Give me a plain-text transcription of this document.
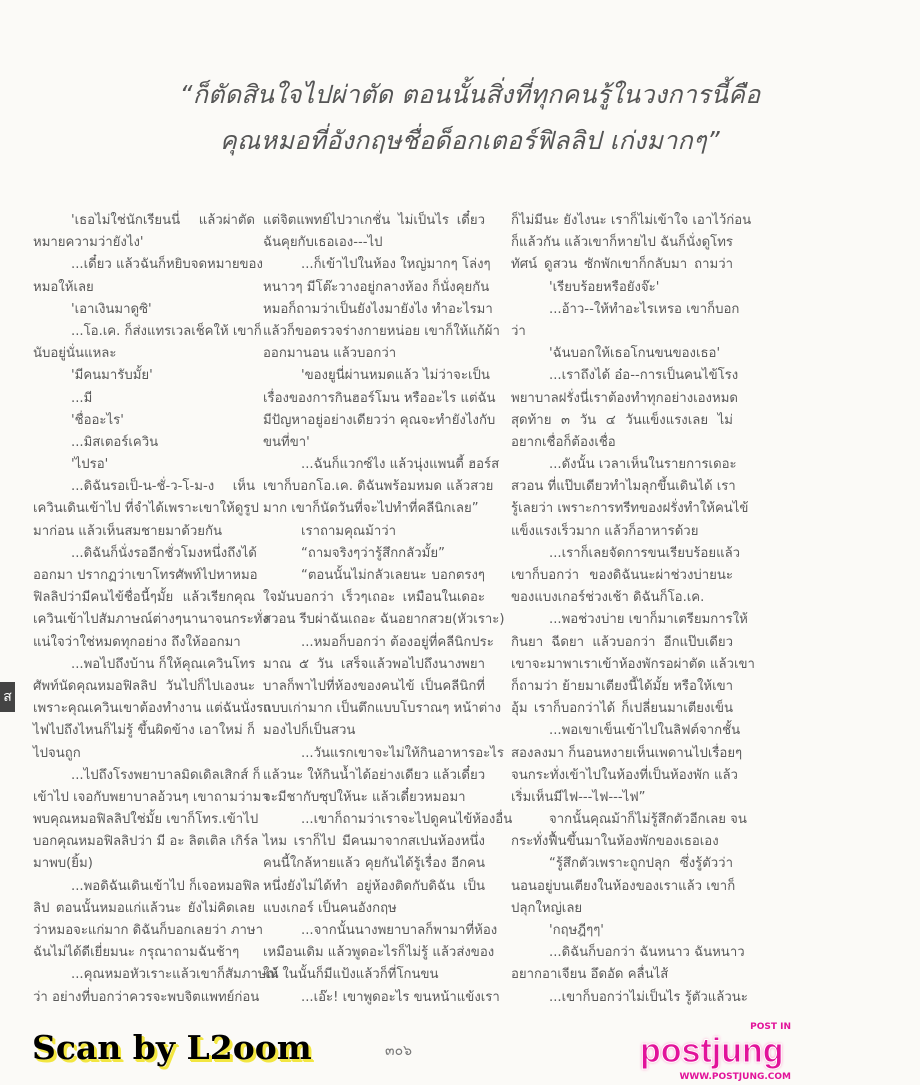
“ก็ตัดสินใจไปผ่าตัด ตอนนั้นสิ่งที่ทุกคนรู้ในวงการนี้คือ
คุณหมอที่อังกฤษชื่อด็อกเตอร์ฟิลลิป เก่งมากๆ”
'เธอไม่ใช่นักเรียนนี่ แล้วผ่าตัด
หมายความว่ายังไง'
...เดี๋ยว แล้วฉันก็หยิบจดหมายของ
หมอให้เลย
'เอาเงินมาดูซิ'
...โอ.เค. ก็ส่งแทรเวลเช็คให้ เขาก็
นับอยู่นั่นแหละ
'มีคนมารับมั้ย'
...มี
'ชื่ออะไร'
...มิสเตอร์เควิน
'ไปรอ'
...ดิฉันรอเป็-น-ชั่-ว-โ-ม-ง เห็น
เควินเดินเข้าไป ที่จำได้เพราะเขาให้ดูรูป
มาก่อน แล้วเห็นสมชายมาด้วยกัน
...ดิฉันก็นั่งรออีกชั่วโมงหนึ่งถึงได้
ออกมา ปรากฏว่าเขาโทรศัพท์ไปหาหมอ
ฟิลลิปว่ามีคนไข้ชื่อนี้ๆมั้ย แล้วเรียกคุณ
เควินเข้าไปสัมภาษณ์ต่างๆนานาจนกระทั่ง
แน่ใจว่าใช่หมดทุกอย่าง ถึงให้ออกมา
...พอไปถึงบ้าน ก็ให้คุณเควินโทร
ศัพท์นัดคุณหมอฟิลลิป วันไปก็ไปเองนะ
เพราะคุณเควินเขาต้องทำงาน แต่ฉันนั่งรถ
ไฟไปถึงไหนก็ไม่รู้ ขึ้นผิดข้าง เอาใหม่ ก็
ไปจนถูก
...ไปถึงโรงพยาบาลมิดเดิลเสิกส์ ก็
เข้าไป เจอกับพยาบาลอ้วนๆ เขาถามว่ามา
พบคุณหมอฟิลลิปใช่มั้ย เขาก็โทร.เข้าไป
บอกคุณหมอฟิลลิปว่า มี อะ ลิตเติล เกิร์ล
มาพบ(ยิ้ม)
...พอดิฉันเดินเข้าไป ก็เจอหมอฟิล
ลิป ตอนนั้นหมอแก่แล้วนะ ยังไม่คิดเลย
ว่าหมอจะแก่มาก ดิฉันก็บอกเลยว่า ภาษา
ฉันไม่ได้ดีเยี่ยมนะ กรุณาถามฉันช้าๆ
...คุณหมอหัวเราะแล้วเขาก็สัมภาษณ์
ว่า อย่างที่บอกว่าควรจะพบจิตแพทย์ก่อน
แต่จิตแพทย์ไปวาเกชั่น ไม่เป็นไร เดี๋ยว
ฉันคุยกับเธอเอง---ไป
...ก็เข้าไปในห้อง ใหญ่มากๆ โล่งๆ
หนาวๆ มีโต๊ะวางอยู่กลางห้อง ก็นั่งคุยกัน
หมอก็ถามว่าเป็นยังไงมายังไง ทำอะไรมา
แล้วก็ขอตรวจร่างกายหน่อย เขาก็ให้แก้ผ้า
ออกมานอน แล้วบอกว่า
'ของยูนี่ผ่านหมดแล้ว ไม่ว่าจะเป็น
เรื่องของการกินฮอร์โมน หรืออะไร แต่ฉัน
มีปัญหาอยู่อย่างเดียวว่า คุณจะทำยังไงกับ
ขนที่ขา'
...ฉันก็แวกซ์ไง แล้วนุ่งแพนตี้ ฮอร์ส
เขาก็บอกโอ.เค. ดิฉันพร้อมหมด แล้วสวย
มาก เขาก็นัดวันที่จะไปทำที่คลีนิกเลย”
เราถามคุณม้าว่า
“ถามจริงๆว่ารู้สึกกลัวมั้ย”
“ตอนนั้นไม่กลัวเลยนะ บอกตรงๆ
ใจมันบอกว่า เร็วๆเถอะ เหมือนในเดอะ
สวอน รีบผ่าฉันเถอะ ฉันอยากสวย(หัวเราะ)
...หมอก็บอกว่า ต้องอยู่ที่คลีนิกประ
มาณ ๕ วัน เสร็จแล้วพอไปถึงนางพยา
บาลก็พาไปที่ห้องของคนไข้ เป็นคลีนิกที่
แบบเก่ามาก เป็นตึกแบบโบราณๆ หน้าต่าง
มองไปก็เป็นสวน
...วันแรกเขาจะไม่ให้กินอาหารอะไร
แล้วนะ ให้กินน้ำได้อย่างเดียว แล้วเดี๋ยว
จะมีชากับซุปให้นะ แล้วเดี๋ยวหมอมา
...เขาก็ถามว่าเราจะไปดูคนไข้ห้องอื่น
ไหม เราก็ไป มีคนมาจากสเปนห้องหนึ่ง
คนนี้ใกล้หายแล้ว คุยกันได้รู้เรื่อง อีกคน
หนึ่งยังไม่ได้ทำ อยู่ห้องติดกับดิฉัน เป็น
แบงเกอร์ เป็นคนอังกฤษ
...จากนั้นนางพยาบาลก็พามาที่ห้อง
เหมือนเดิม แล้วพูดอะไรก็ไม่รู้ แล้วส่งของ
ให้ ในนั้นก็มีแป้งแล้วก็ที่โกนขน
...เอ๊ะ! เขาพูดอะไร ขนหน้าแข้งเรา
ก็ไม่มีนะ ยังไงนะ เราก็ไม่เข้าใจ เอาไว้ก่อน
ก็แล้วกัน แล้วเขาก็หายไป ฉันก็นั่งดูโทร
ทัศน์ ดูสวน ซักพักเขาก็กลับมา ถามว่า
'เรียบร้อยหรือยังจ๊ะ'
...อ้าว--ให้ทำอะไรเหรอ เขาก็บอก
ว่า
'ฉันบอกให้เธอโกนขนของเธอ'
...เราถึงได้ อ๋อ--การเป็นคนไข้โรง
พยาบาลฝรั่งนี่เราต้องทำทุกอย่างเองหมด
สุดท้าย ๓ วัน ๔ วันแข็งแรงเลย ไม่
อยากเชื่อก็ต้องเชื่อ
...ดังนั้น เวลาเห็นในรายการเดอะ
สวอน ที่แป๊บเดียวทำไมลุกขึ้นเดินได้ เรา
รู้เลยว่า เพราะการทรีทของฝรั่งทำให้คนไข้
แข็งแรงเร็วมาก แล้วก็อาหารด้วย
...เราก็เลยจัดการขนเรียบร้อยแล้ว
เขาก็บอกว่า ของดิฉันนะผ่าช่วงบ่ายนะ
ของแบงเกอร์ช่วงเช้า ดิฉันก็โอ.เค.
...พอช่วงบ่าย เขาก็มาเตรียมการให้
กินยา ฉีดยา แล้วบอกว่า อีกแป๊บเดียว
เขาจะมาพาเราเข้าห้องพักรอผ่าตัด แล้วเขา
ก็ถามว่า ย้ายมาเตียงนี้ได้มั้ย หรือให้เขา
อุ้ม เราก็บอกว่าได้ ก็เปลี่ยนมาเตียงเข็น
...พอเขาเข็นเข้าไปในลิฟต์จากชั้น
สองลงมา ก็นอนหงายเห็นเพดานไปเรื่อยๆ
จนกระทั่งเข้าไปในห้องที่เป็นห้องพัก แล้ว
เริ่มเห็นมีไฟ---ไฟ---ไฟ”
จากนั้นคุณม้าก็ไม่รู้สึกตัวอีกเลย จน
กระทั่งฟื้นขึ้นมาในห้องพักของเธอเอง
“รู้สึกตัวเพราะถูกปลุก ซึ่งรู้ตัวว่า
นอนอยู่บนเตียงในห้องของเราแล้ว เขาก็
ปลุกใหญ่เลย
'กฤษฎีๆๆ'
...ดิฉันก็บอกว่า ฉันหนาว ฉันหนาว
อยากอาเจียน อึดอัด คลื่นไส้
...เขาก็บอกว่าไม่เป็นไร รู้ตัวแล้วนะ
ส
๓๐๖
Scan by L2oom
POST IN
postjung
WWW.POSTJUNG.COM
